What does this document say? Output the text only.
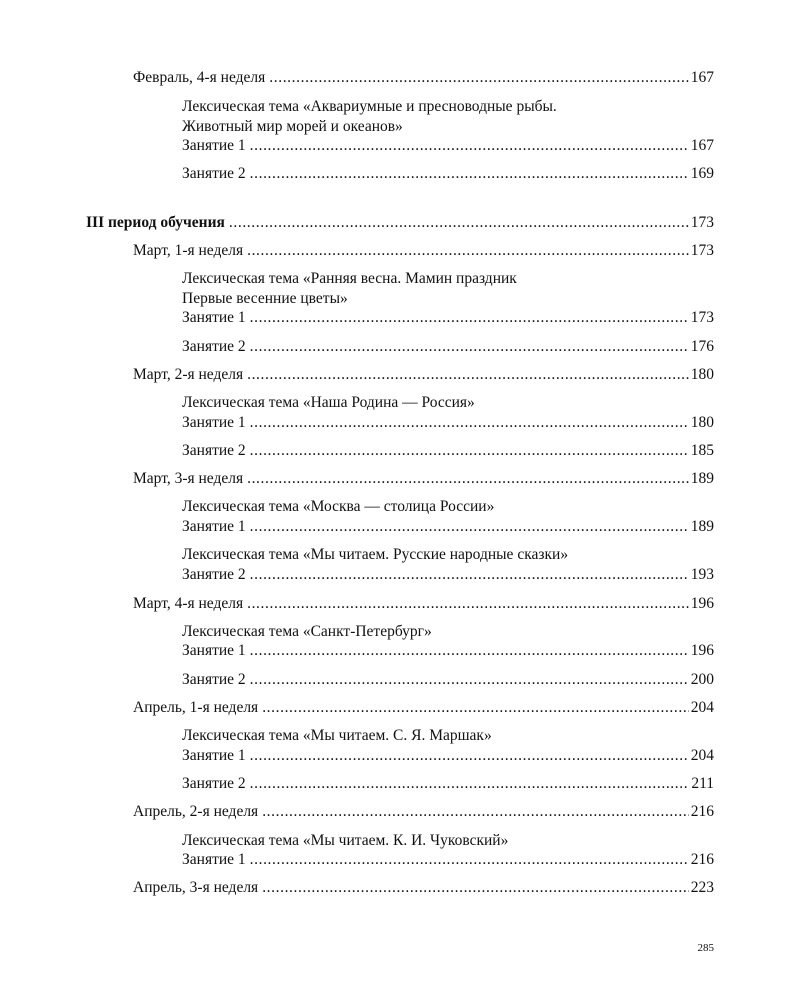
Февраль, 4-я неделя .....	167
Лексическая тема «Аквариумные и пресноводные рыбы.
Животный мир морей и океанов»
Занятие 1 .....	167
Занятие 2 .....	169
III период обучения .....	173
Март, 1-я неделя .....	173
Лексическая тема «Ранняя весна. Мамин праздник
Первые весенние цветы»
Занятие 1 .....	173
Занятие 2 .....	176
Март, 2-я неделя .....	180
Лексическая тема «Наша Родина — Россия»
Занятие 1 .....	180
Занятие 2 .....	185
Март, 3-я неделя .....	189
Лексическая тема «Москва — столица России»
Занятие 1 .....	189
Лексическая тема «Мы читаем. Русские народные сказки»
Занятие 2 .....	193
Март, 4-я неделя .....	196
Лексическая тема «Санкт-Петербург»
Занятие 1 .....	196
Занятие 2 .....	200
Апрель, 1-я неделя .....	204
Лексическая тема «Мы читаем. С. Я. Маршак»
Занятие 1 .....	204
Занятие 2 .....	211
Апрель, 2-я неделя .....	216
Лексическая тема «Мы читаем. К. И. Чуковский»
Занятие 1 .....	216
Апрель, 3-я неделя .....	223
285
